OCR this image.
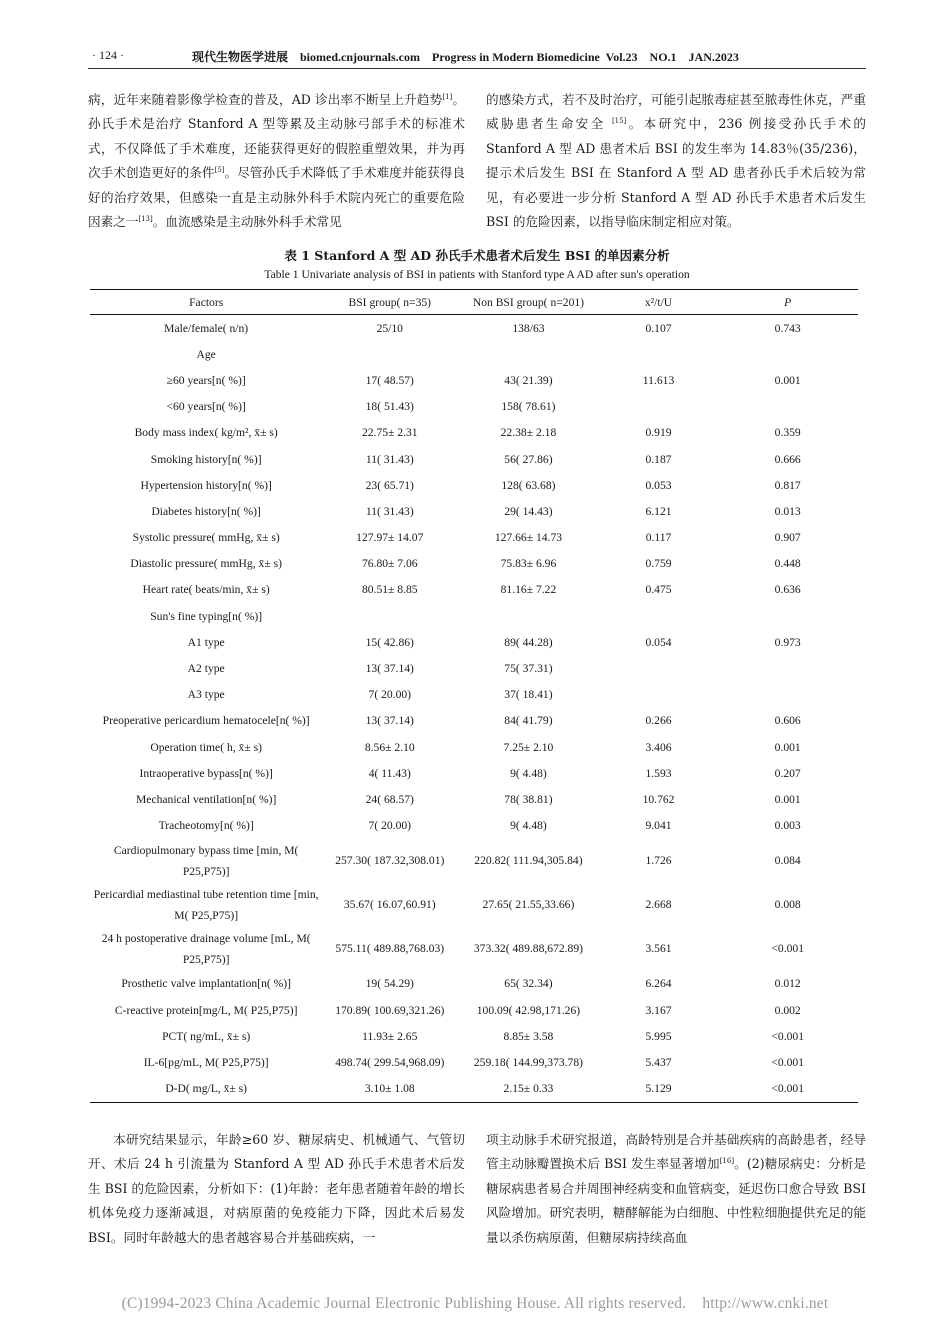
· 124 ·	现代生物医学进展    biomed.cnjournals.com    Progress in Modern Biomedicine  Vol.23    NO.1    JAN.2023

病，近年来随着影像学检查的普及，AD 诊出率不断呈上升趋势[1]。孙氏手术是治疗 Stanford A 型等累及主动脉弓部手术的标准术式，不仅降低了手术难度，还能获得更好的假腔重塑效果，并为再次手术创造更好的条件[5]。尽管孙氏手术降低了手术难度并能获得良好的治疗效果，但感染一直是主动脉外科手术院内死亡的重要危险因素之一[13]。血流感染是主动脉外科手术常见

的感染方式，若不及时治疗，可能引起脓毒症甚至脓毒性休克，严重威胁患者生命安全 [15]。本研究中，236 例接受孙氏手术的 Stanford A 型 AD 患者术后 BSI 的发生率为 14.83％(35/236)，提示术后发生 BSI 在 Stanford A 型 AD 患者孙氏手术后较为常见，有必要进一步分析 Stanford A 型 AD 孙氏手术患者术后发生 BSI 的危险因素，以指导临床制定相应对策。

表 1 Stanford A 型 AD 孙氏手术患者术后发生 BSI 的单因素分析
Table 1 Univariate analysis of BSI in patients with Stanford type A AD after sun's operation
Factors	BSI group( n=35)	Non BSI group( n=201)	x²/t/U	P
Male/female( n/n)	25/10	138/63	0.107	0.743
Age				
≥60 years[n( %)]	17( 48.57)	43( 21.39)	11.613	0.001
<60 years[n( %)]	18( 51.43)	158( 78.61)		
Body mass index( kg/m², x̄± s)	22.75± 2.31	22.38± 2.18	0.919	0.359
Smoking history[n( %)]	11( 31.43)	56( 27.86)	0.187	0.666
Hypertension history[n( %)]	23( 65.71)	128( 63.68)	0.053	0.817
Diabetes history[n( %)]	11( 31.43)	29( 14.43)	6.121	0.013
Systolic pressure( mmHg, x̄± s)	127.97± 14.07	127.66± 14.73	0.117	0.907
Diastolic pressure( mmHg, x̄± s)	76.80± 7.06	75.83± 6.96	0.759	0.448
Heart rate( beats/min, x̄± s)	80.51± 8.85	81.16± 7.22	0.475	0.636
Sun's fine typing[n( %)]				
A1 type	15( 42.86)	89( 44.28)	0.054	0.973
A2 type	13( 37.14)	75( 37.31)		
A3 type	7( 20.00)	37( 18.41)		
Preoperative pericardium hematocele[n( %)]	13( 37.14)	84( 41.79)	0.266	0.606
Operation time( h, x̄± s)	8.56± 2.10	7.25± 2.10	3.406	0.001
Intraoperative bypass[n( %)]	4( 11.43)	9( 4.48)	1.593	0.207
Mechanical ventilation[n( %)]	24( 68.57)	78( 38.81)	10.762	0.001
Tracheotomy[n( %)]	7( 20.00)	9( 4.48)	9.041	0.003
Cardiopulmonary bypass time [min, M( P25,P75)]	257.30( 187.32,308.01)	220.82( 111.94,305.84)	1.726	0.084
Pericardial mediastinal tube retention time [min, M( P25,P75)]	35.67( 16.07,60.91)	27.65( 21.55,33.66)	2.668	0.008
24 h postoperative drainage volume [mL, M( P25,P75)]	575.11( 489.88,768.03)	373.32( 489.88,672.89)	3.561	<0.001
Prosthetic valve implantation[n( %)]	19( 54.29)	65( 32.34)	6.264	0.012
C-reactive protein[mg/L, M( P25,P75)]	170.89( 100.69,321.26)	100.09( 42.98,171.26)	3.167	0.002
PCT( ng/mL, x̄± s)	11.93± 2.65	8.85± 3.58	5.995	<0.001
IL-6[pg/mL, M( P25,P75)]	498.74( 299.54,968.09)	259.18( 144.99,373.78)	5.437	<0.001
D-D( mg/L, x̄± s)	3.10± 1.08	2.15± 0.33	5.129	<0.001

本研究结果显示，年龄≥60 岁、糖尿病史、机械通气、气管切开、术后 24 h 引流量为 Stanford A 型 AD 孙氏手术患者术后发生 BSI 的危险因素，分析如下：(1)年龄：老年患者随着年龄的增长机体免疫力逐渐减退，对病原菌的免疫能力下降，因此术后易发 BSI。同时年龄越大的患者越容易合并基础疾病，一

项主动脉手术研究报道，高龄特别是合并基础疾病的高龄患者，经导管主动脉瓣置换术后 BSI 发生率显著增加[16]。(2)糖尿病史：分析是糖尿病患者易合并周围神经病变和血管病变，延迟伤口愈合导致 BSI 风险增加。研究表明，糖酵解能为白细胞、中性粒细胞提供充足的能量以杀伤病原菌，但糖尿病持续高血

(C)1994-2023 China Academic Journal Electronic Publishing House. All rights reserved.    http://www.cnki.net
